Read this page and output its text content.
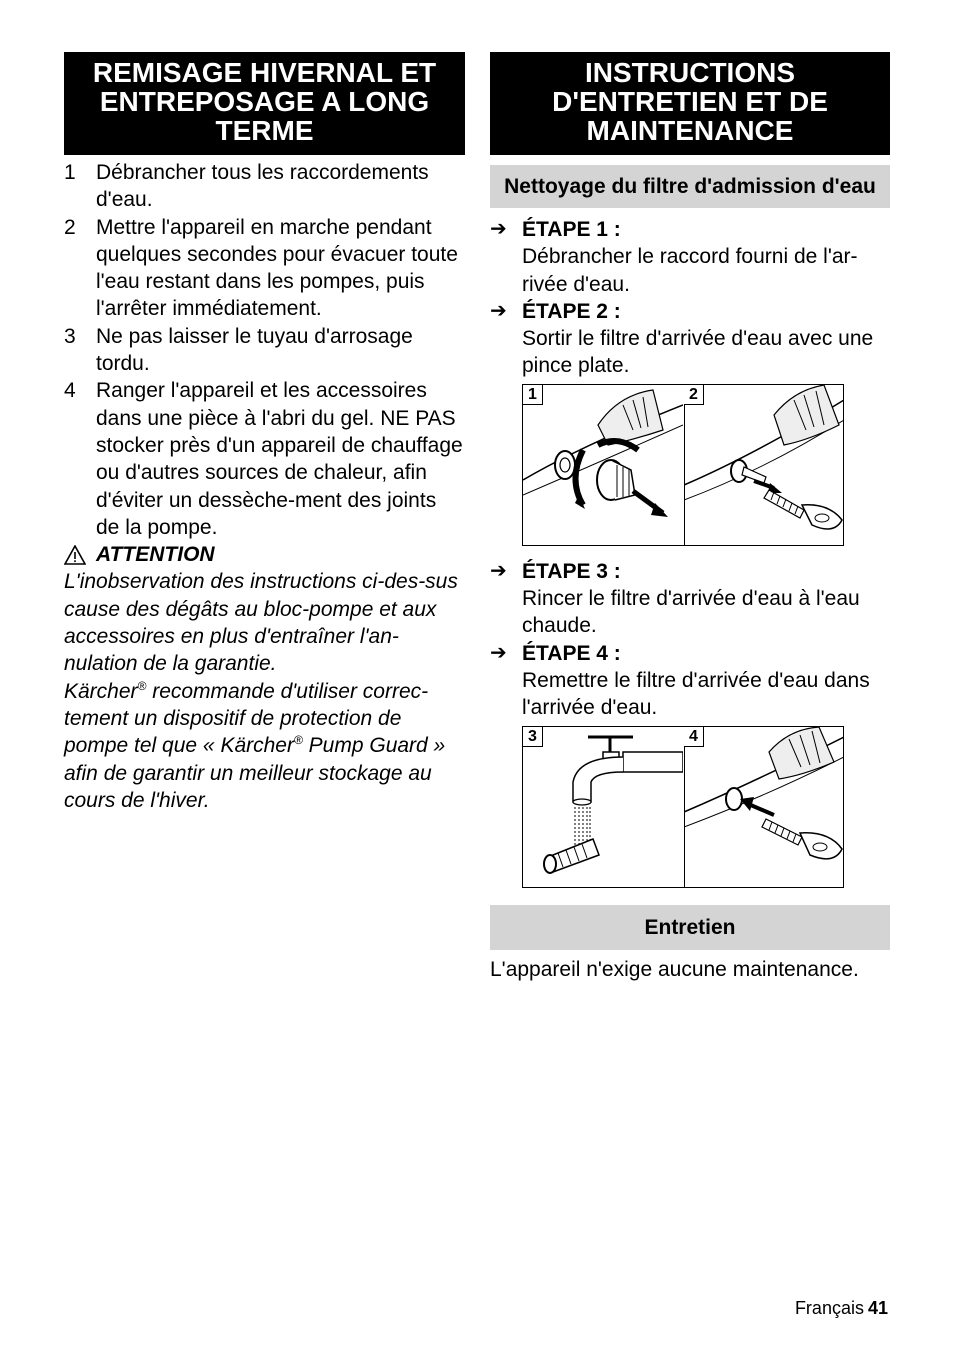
REMISAGE HIVERNAL ET ENTREPOSAGE A LONG TERME
1 Débrancher tous les raccordements d'eau.
2 Mettre l'appareil en marche pendant quelques secondes pour évacuer toute l'eau restant dans les pompes, puis l'arrêter immédiatement.
3 Ne pas laisser le tuyau d'arrosage tordu.
4 Ranger l'appareil et les accessoires dans une pièce à l'abri du gel. NE PAS stocker près d'un appareil de chauffage ou d'autres sources de chaleur, afin d'éviter un dessèche-ment des joints de la pompe.
ATTENTION
L'inobservation des instructions ci-des-sus cause des dégâts au bloc-pompe et aux accessoires en plus d'entraîner l'an-nulation de la garantie.
Kärcher® recommande d'utiliser correc-tement un dispositif de protection de pompe tel que « Kärcher® Pump Guard » afin de garantir un meilleur stockage au cours de l'hiver.
INSTRUCTIONS D'ENTRETIEN ET DE MAINTENANCE
Nettoyage du filtre d'admission d'eau
➔ ÉTAPE 1 :
Débrancher le raccord fourni de l'ar-rivée d'eau.
➔ ÉTAPE 2 :
Sortir le filtre d'arrivée d'eau avec une pince plate.
1	2
➔ ÉTAPE 3 :
Rincer le filtre d'arrivée d'eau à l'eau chaude.
➔ ÉTAPE 4 :
Remettre le filtre d'arrivée d'eau dans l'arrivée d'eau.
3	4
Entretien
L'appareil n'exige aucune maintenance.
Français 41
